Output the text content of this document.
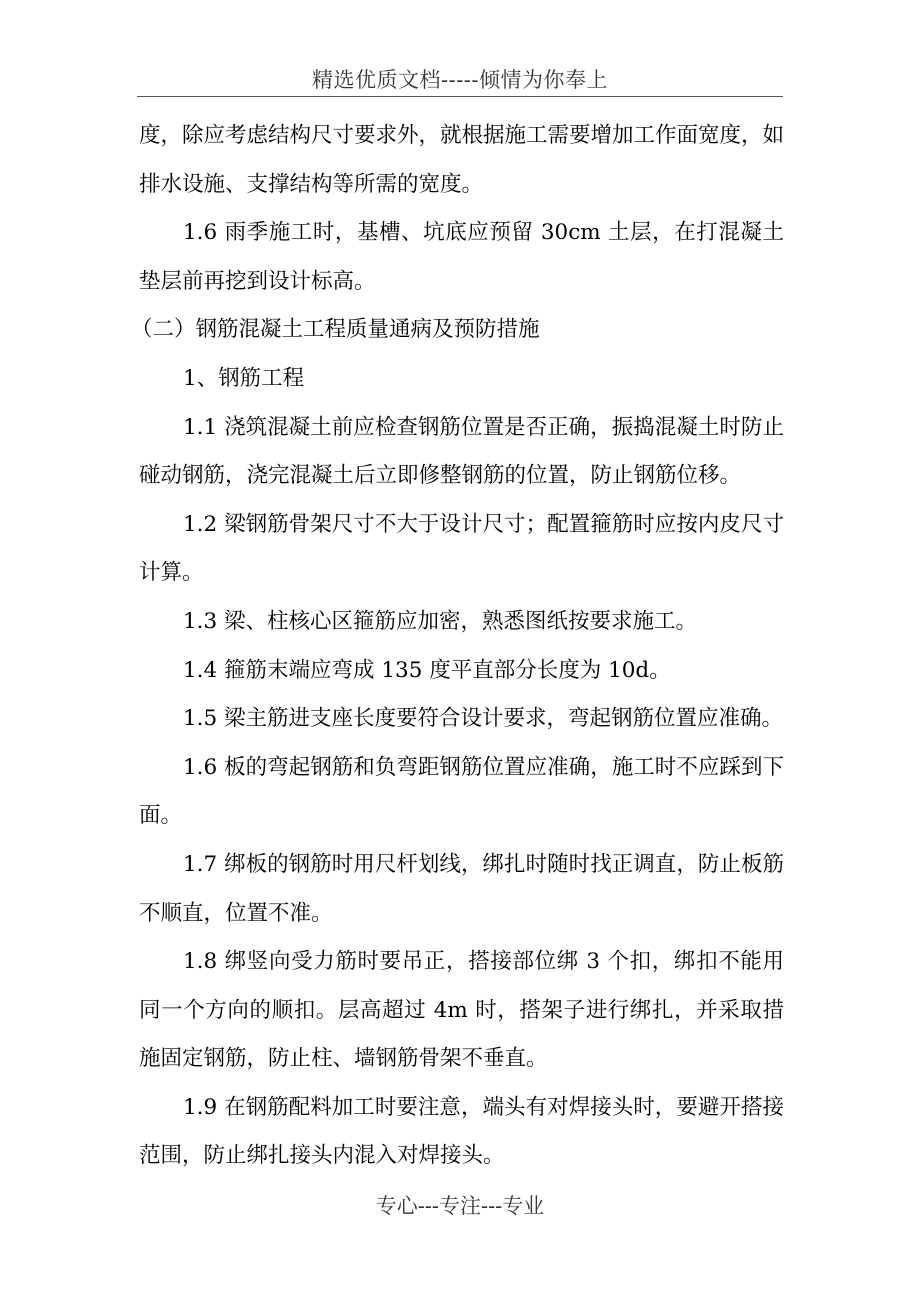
精选优质文档-----倾情为你奉上

度，除应考虑结构尺寸要求外，就根据施工需要增加工作面宽度，如排水设施、支撑结构等所需的宽度。

1.6 雨季施工时，基槽、坑底应预留 30cm 土层，在打混凝土垫层前再挖到设计标高。

（二）钢筋混凝土工程质量通病及预防措施

1、钢筋工程

1.1 浇筑混凝土前应检查钢筋位置是否正确，振捣混凝土时防止碰动钢筋，浇完混凝土后立即修整钢筋的位置，防止钢筋位移。

1.2 梁钢筋骨架尺寸不大于设计尺寸；配置箍筋时应按内皮尺寸计算。

1.3 梁、柱核心区箍筋应加密，熟悉图纸按要求施工。

1.4 箍筋末端应弯成 135 度平直部分长度为 10d。

1.5 梁主筋进支座长度要符合设计要求，弯起钢筋位置应准确。

1.6 板的弯起钢筋和负弯距钢筋位置应准确，施工时不应踩到下面。

1.7 绑板的钢筋时用尺杆划线，绑扎时随时找正调直，防止板筋不顺直，位置不准。

1.8 绑竖向受力筋时要吊正，搭接部位绑 3 个扣，绑扣不能用同一个方向的顺扣。层高超过 4m 时，搭架子进行绑扎，并采取措施固定钢筋，防止柱、墙钢筋骨架不垂直。

1.9 在钢筋配料加工时要注意，端头有对焊接头时，要避开搭接范围，防止绑扎接头内混入对焊接头。

专心---专注---专业
